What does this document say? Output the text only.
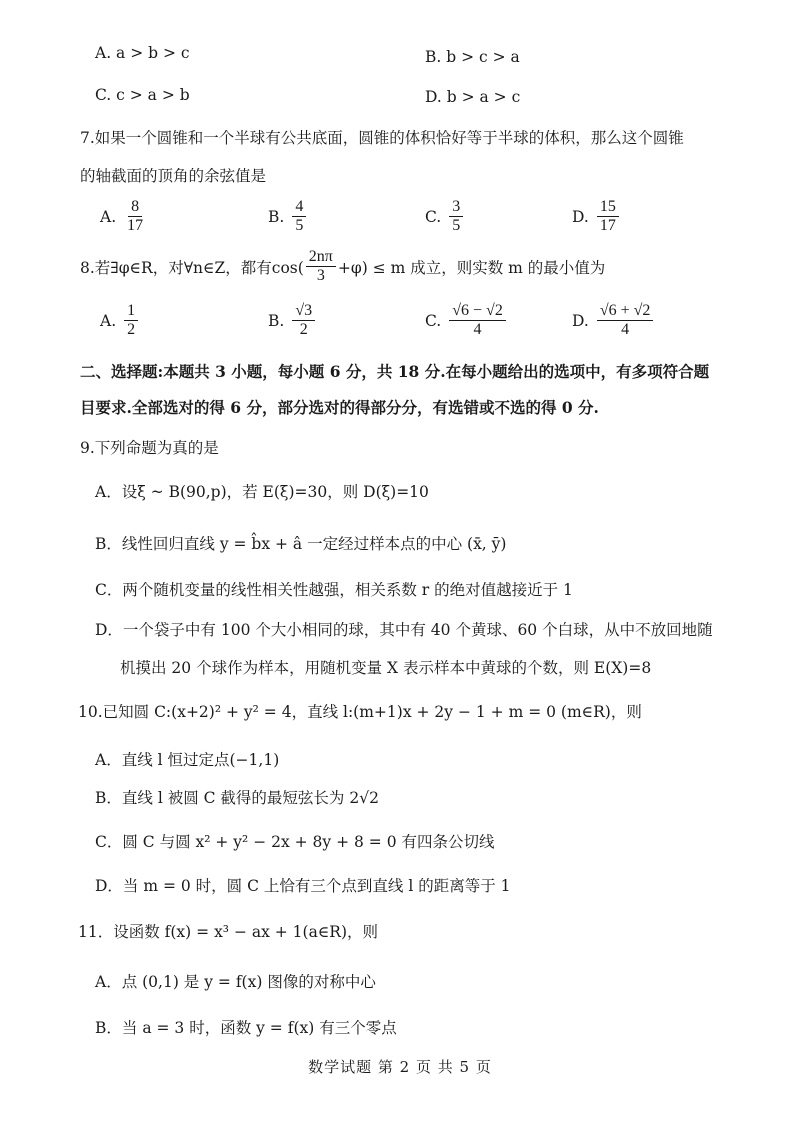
A. a > b > c	B. b > c > a
C. c > a > b	D. b > a > c
7.如果一个圆锥和一个半球有公共底面，圆锥的体积恰好等于半球的体积，那么这个圆锥
的轴截面的顶角的余弦值是
A. $\frac{8}{17}$	B. $\frac{4}{5}$	C. $\frac{3}{5}$	D. $\frac{15}{17}$
8.若∃φ∈R，对∀n∈Z，都有$\cos( \frac{2n\pi}{3} +\varphi) \le m$ 成立，则实数 m 的最小值为
A. $\frac{1}{2}$	B. $\frac{√3}{2}$	C. $\frac{√6 - √2}{4}$	D. $\frac{√6 + √2}{4}$
二、选择题:本题共 3 小题，每小题 6 分，共 18 分.在每小题给出的选项中，有多项符合题
目要求.全部选对的得 6 分，部分选对的得部分分，有选错或不选的得 0 分.
9.下列命题为真的是
A．设ξ ~ B(90,p)，若 E(ξ)=30，则 D(ξ)=10
B．线性回归直线 y = b̂x + â 一定经过样本点的中心 (x̄, ȳ)
C．两个随机变量的线性相关性越强，相关系数 r 的绝对值越接近于 1
D．一个袋子中有 100 个大小相同的球，其中有 40 个黄球、60 个白球，从中不放回地随
机摸出 20 个球作为样本，用随机变量 X 表示样本中黄球的个数，则 E(X)=8
10.已知圆 C:(x+2)² + y² = 4，直线 l:(m+1)x + 2y − 1 + m = 0 (m∈R)，则
A．直线 l 恒过定点(−1,1)
B．直线 l 被圆 C 截得的最短弦长为 2√2
C．圆 C 与圆 x² + y² − 2x + 8y + 8 = 0 有四条公切线
D．当 m = 0 时，圆 C 上恰有三个点到直线 l 的距离等于 1
11．设函数 f(x) = x³ − ax + 1(a∈R)，则
A．点 (0,1) 是 y = f(x) 图像的对称中心
B．当 a = 3 时，函数 y = f(x) 有三个零点
数学试题 第 2 页 共 5 页
